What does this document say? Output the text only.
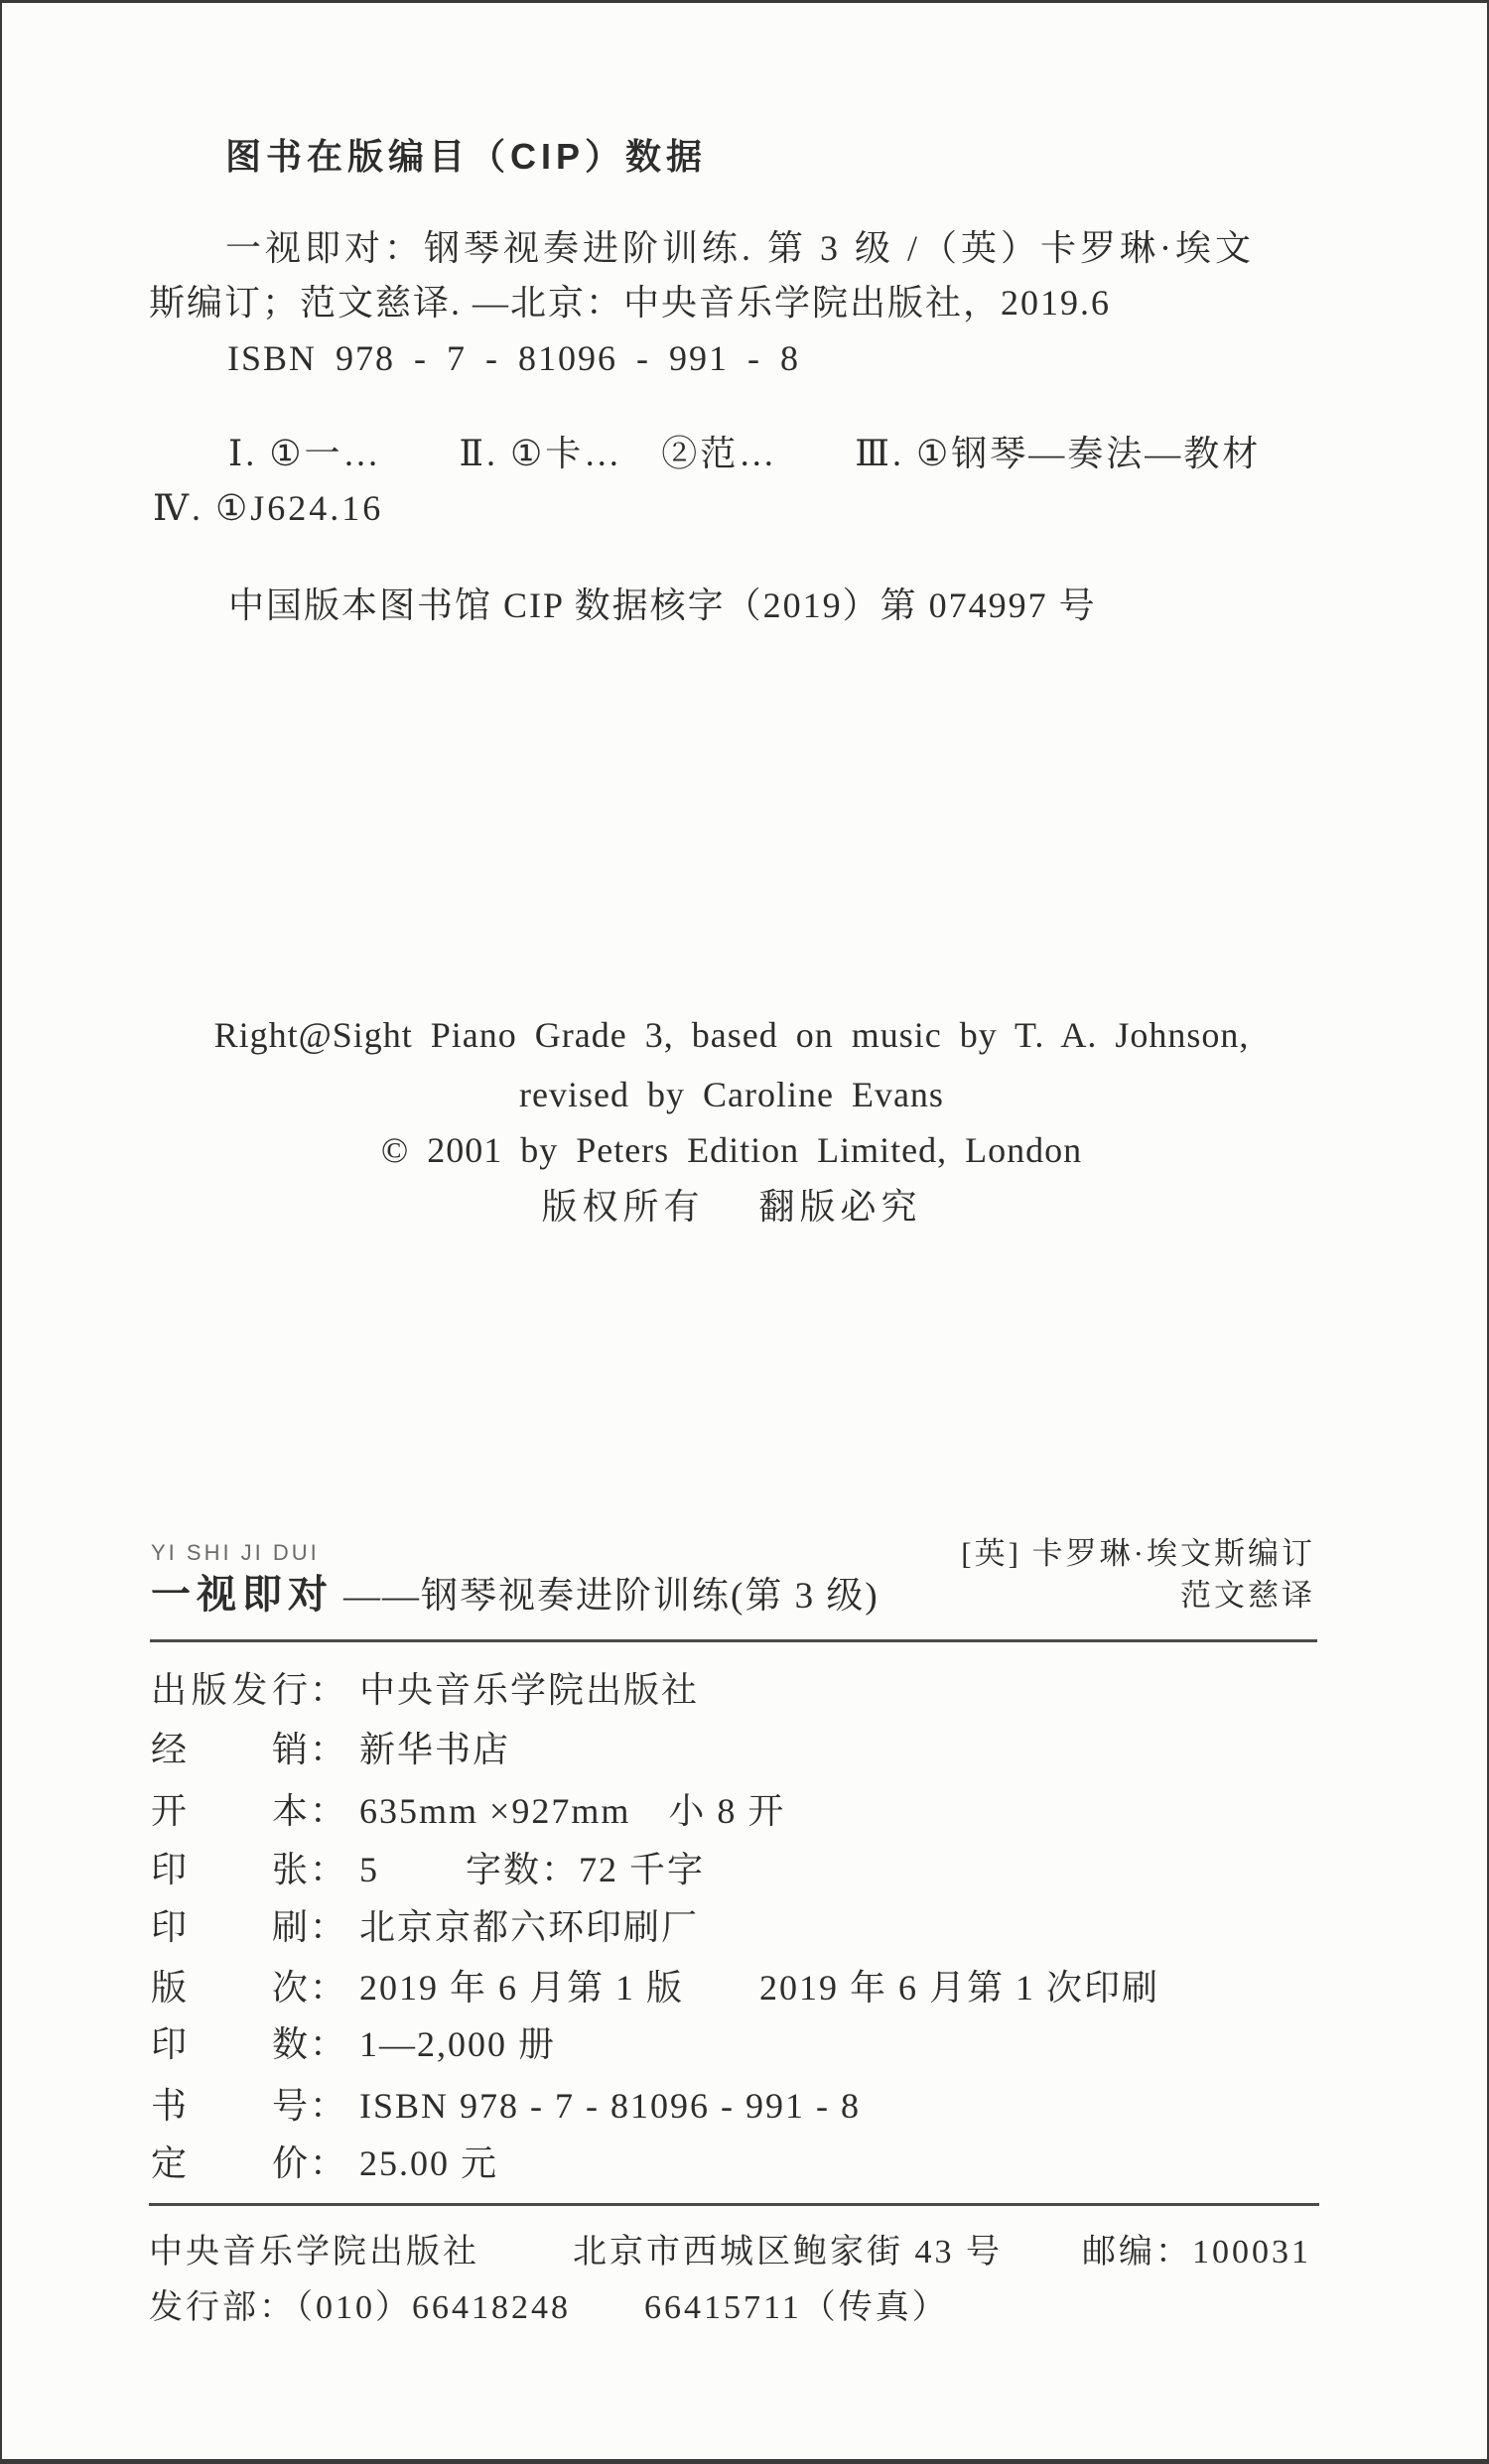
图书在版编目（CIP）数据
一视即对：钢琴视奏进阶训练. 第 3 级 /（英）卡罗琳·埃文
斯编订；范文慈译. —北京：中央音乐学院出版社，2019.6
ISBN 978 - 7 - 81096 - 991 - 8
Ⅰ. ①一…　　Ⅱ. ①卡…　②范…　　Ⅲ. ①钢琴—奏法—教材
Ⅳ. ①J624.16
中国版本图书馆 CIP 数据核字（2019）第 074997 号
Right@Sight Piano Grade 3, based on music by T. A. Johnson,
revised by Caroline Evans
© 2001 by Peters Edition Limited, London
版权所有　 翻版必究
YI SHI JI DUI
一视即对 ——钢琴视奏进阶训练(第 3 级)
[英] 卡罗琳·埃文斯编订
范文慈译
出 版 发 行 ： 中央音乐学院出版社
经 销 ： 新华书店
开 本 ： 635mm ×927mm　小 8 开
印 张 ： 5　　 字数：72 千字
印 刷 ： 北京京都六环印刷厂
版 次 ： 2019 年 6 月第 1 版　　2019 年 6 月第 1 次印刷
印 数 ： 1—2,000 册
书 号 ： ISBN 978 - 7 - 81096 - 991 - 8
定 价 ： 25.00 元
中央音乐学院出版社	北京市西城区鲍家街 43 号 邮编：100031
发行部：（010）66418248　　66415711（传真）
